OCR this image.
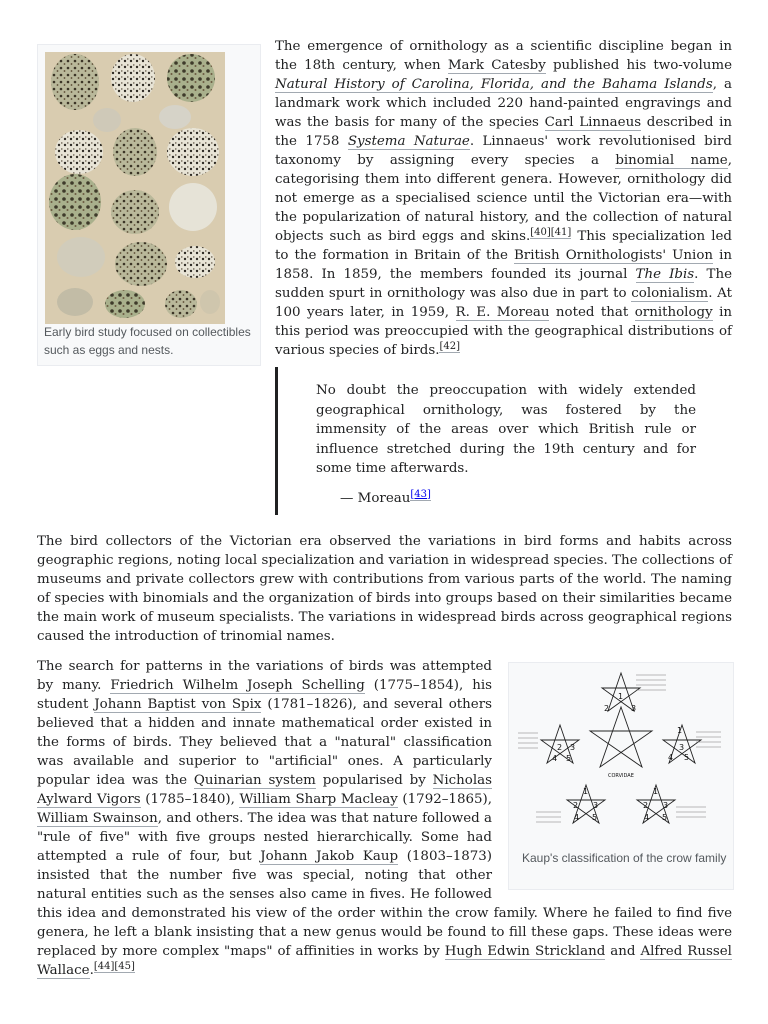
Early bird study focused on collectibles such as eggs and nests.

The emergence of ornithology as a scientific discipline began in the 18th century, when Mark Catesby published his two-volume Natural History of Carolina, Florida, and the Bahama Islands, a landmark work which included 220 hand-painted engravings and was the basis for many of the species Carl Linnaeus described in the 1758 Systema Naturae. Linnaeus' work revolutionised bird taxonomy by assigning every species a binomial name, categorising them into different genera. However, ornithology did not emerge as a specialised science until the Victorian era—with the popularization of natural history, and the collection of natural objects such as bird eggs and skins.[40][41] This specialization led to the formation in Britain of the British Ornithologists' Union in 1858. In 1859, the members founded its journal The Ibis. The sudden spurt in ornithology was also due in part to colonialism. At 100 years later, in 1959, R. E. Moreau noted that ornithology in this period was preoccupied with the geographical distributions of various species of birds.[42]

No doubt the preoccupation with widely extended geographical ornithology, was fostered by the immensity of the areas over which British rule or influence stretched during the 19th century and for some time afterwards.

— Moreau[43]

The bird collectors of the Victorian era observed the variations in bird forms and habits across geographic regions, noting local specialization and variation in widespread species. The collections of museums and private collectors grew with contributions from various parts of the world. The naming of species with binomials and the organization of birds into groups based on their similarities became the main work of museum specialists. The variations in widespread birds across geographical regions caused the introduction of trinomial names.

1
2	3
2 3
4 5
1
3
4 5
1
2 3
4 5
1
2 3
4 5
CORVIDAE
Kaup's classification of the crow family
The search for patterns in the variations of birds was attempted by many. Friedrich Wilhelm Joseph Schelling (1775–1854), his student Johann Baptist von Spix (1781–1826), and several others believed that a hidden and innate mathematical order existed in the forms of birds. They believed that a "natural" classification was available and superior to "artificial" ones. A particularly popular idea was the Quinarian system popularised by Nicholas Aylward Vigors (1785–1840), William Sharp Macleay (1792–1865), William Swainson, and others. The idea was that nature followed a "rule of five" with five groups nested hierarchically. Some had attempted a rule of four, but Johann Jakob Kaup (1803–1873) insisted that the number five was special, noting that other natural entities such as the senses also came in fives. He followed this idea and demonstrated his view of the order within the crow family. Where he failed to find five genera, he left a blank insisting that a new genus would be found to fill these gaps. These ideas were replaced by more complex "maps" of affinities in works by Hugh Edwin Strickland and Alfred Russel Wallace.[44][45]
